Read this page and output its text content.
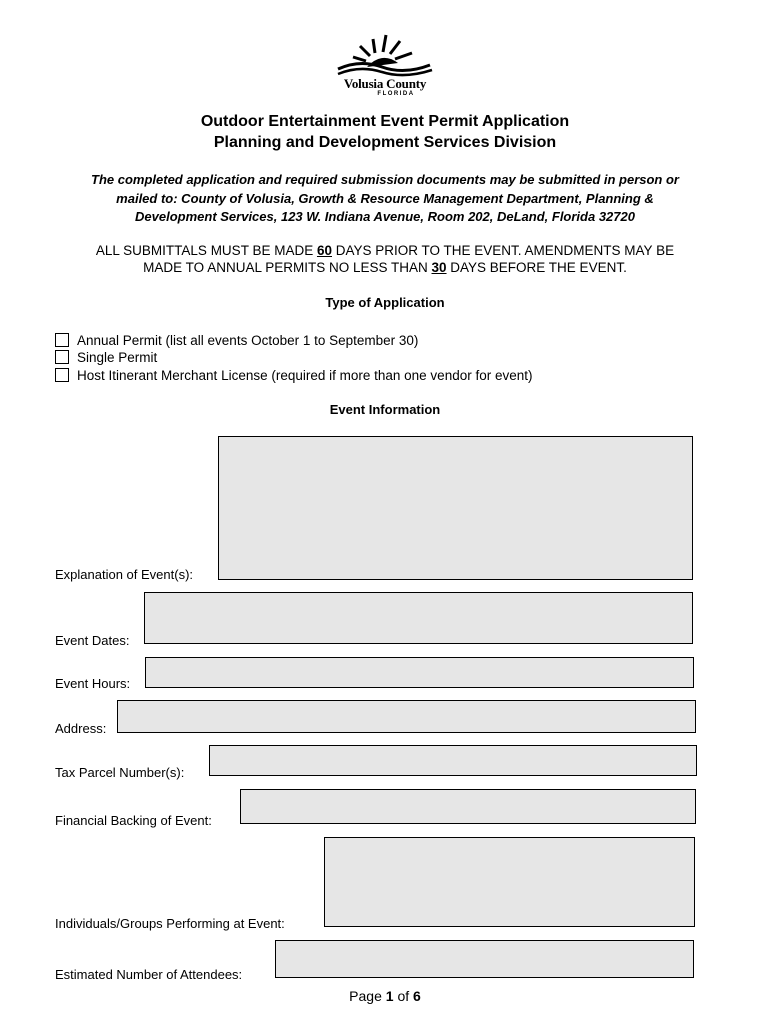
Volusia County
FLORIDA
Outdoor Entertainment Event Permit Application
Planning and Development Services Division
The completed application and required submission documents may be submitted in person or
mailed to: County of Volusia, Growth & Resource Management Department, Planning &
Development Services, 123 W. Indiana Avenue, Room 202, DeLand, Florida 32720
ALL SUBMITTALS MUST BE MADE 60 DAYS PRIOR TO THE EVENT. AMENDMENTS MAY BE
MADE TO ANNUAL PERMITS NO LESS THAN 30 DAYS BEFORE THE EVENT.
Type of Application
Annual Permit (list all events October 1 to September 30)
Single Permit
Host Itinerant Merchant License (required if more than one vendor for event)
Event Information
Explanation of Event(s):
Event Dates:
Event Hours:
Address:
Tax Parcel Number(s):
Financial Backing of Event:
Individuals/Groups Performing at Event:
Estimated Number of Attendees:
Page 1 of 6
